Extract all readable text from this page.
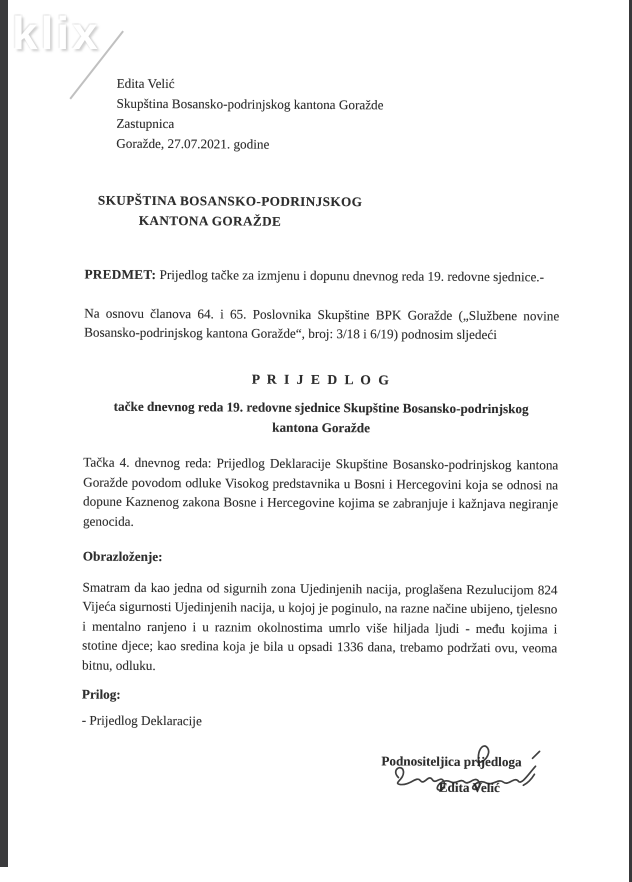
klix
Edita Velić
Skupština Bosansko-podrinjskog kantona Goražde
Zastupnica
Goražde, 27.07.2021. godine
SKUPŠTINA BOSANSKO-PODRINJSKOG
KANTONA GORAŽDE
PREDMET: Prijedlog tačke za izmjenu i dopunu dnevnog reda 19. redovne sjednice.-

Na osnovu članova 64. i 65. Poslovnika Skupštine BPK Goražde („Službene novine Bosansko-podrinjskog kantona Goražde“, broj: 3/18 i 6/19) podnosim sljedeći

P R I J E D L O G
tačke dnevnog reda 19. redovne sjednice Skupštine Bosansko-podrinjskog kantona Goražde

Tačka 4. dnevnog reda: Prijedlog Deklaracije Skupštine Bosansko-podrinjskog kantona Goražde povodom odluke Visokog predstavnika u Bosni i Hercegovini koja se odnosi na dopune Kaznenog zakona Bosne i Hercegovine kojima se zabranjuje i kažnjava negiranje genocida.

Obrazloženje:

Smatram da kao jedna od sigurnih zona Ujedinjenih nacija, proglašena Rezulucijom 824 Vijeća sigurnosti Ujedinjenih nacija, u kojoj je poginulo, na razne načine ubijeno, tjelesno i mentalno ranjeno i u raznim okolnostima umrlo više hiljada ljudi - među kojima i stotine djece; kao sredina koja je bila u opsadi 1336 dana, trebamo podržati ovu, veoma bitnu, odluku.

Prilog:
- Prijedlog Deklaracije
Podnositeljica prijedloga
Edita Velić
